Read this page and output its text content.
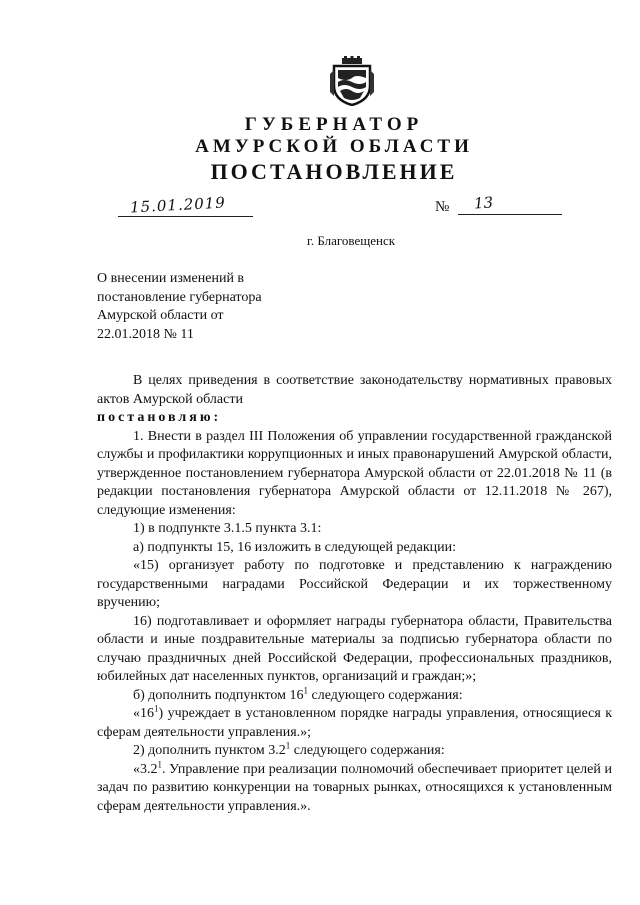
ГУБЕРНАТОР
АМУРСКОЙ ОБЛАСТИ
ПОСТАНОВЛЕНИЕ
15.01.2019	№ 13
г. Благовещенск
О внесении изменений в
постановление губернатора
Амурской области от
22.01.2018 № 11

В целях приведения в соответствие законодательству нормативных правовых актов Амурской области

постановляю:

1. Внести в раздел III Положения об управлении государственной гражданской службы и профилактики коррупционных и иных правонарушений Амурской области, утвержденное постановлением губернатора Амурской области от 22.01.2018 № 11 (в редакции постановления губернатора Амурской области от 12.11.2018 № 267), следующие изменения:

1) в подпункте 3.1.5 пункта 3.1:

а) подпункты 15, 16 изложить в следующей редакции:

«15) организует работу по подготовке и представлению к награждению государственными наградами Российской Федерации и их торжественному вручению;

16) подготавливает и оформляет награды губернатора области, Правительства области и иные поздравительные материалы за подписью губернатора области по случаю праздничных дней Российской Федерации, профессиональных праздников, юбилейных дат населенных пунктов, организаций и граждан;»;

б) дополнить подпунктом $16^1$ следующего содержания:

«$16^1$) учреждает в установленном порядке награды управления, относящиеся к сферам деятельности управления.»;

2) дополнить пунктом $3.2^1$ следующего содержания:

«$3.2^1$. Управление при реализации полномочий обеспечивает приоритет целей и задач по развитию конкуренции на товарных рынках, относящихся к установленным сферам деятельности управления.».
